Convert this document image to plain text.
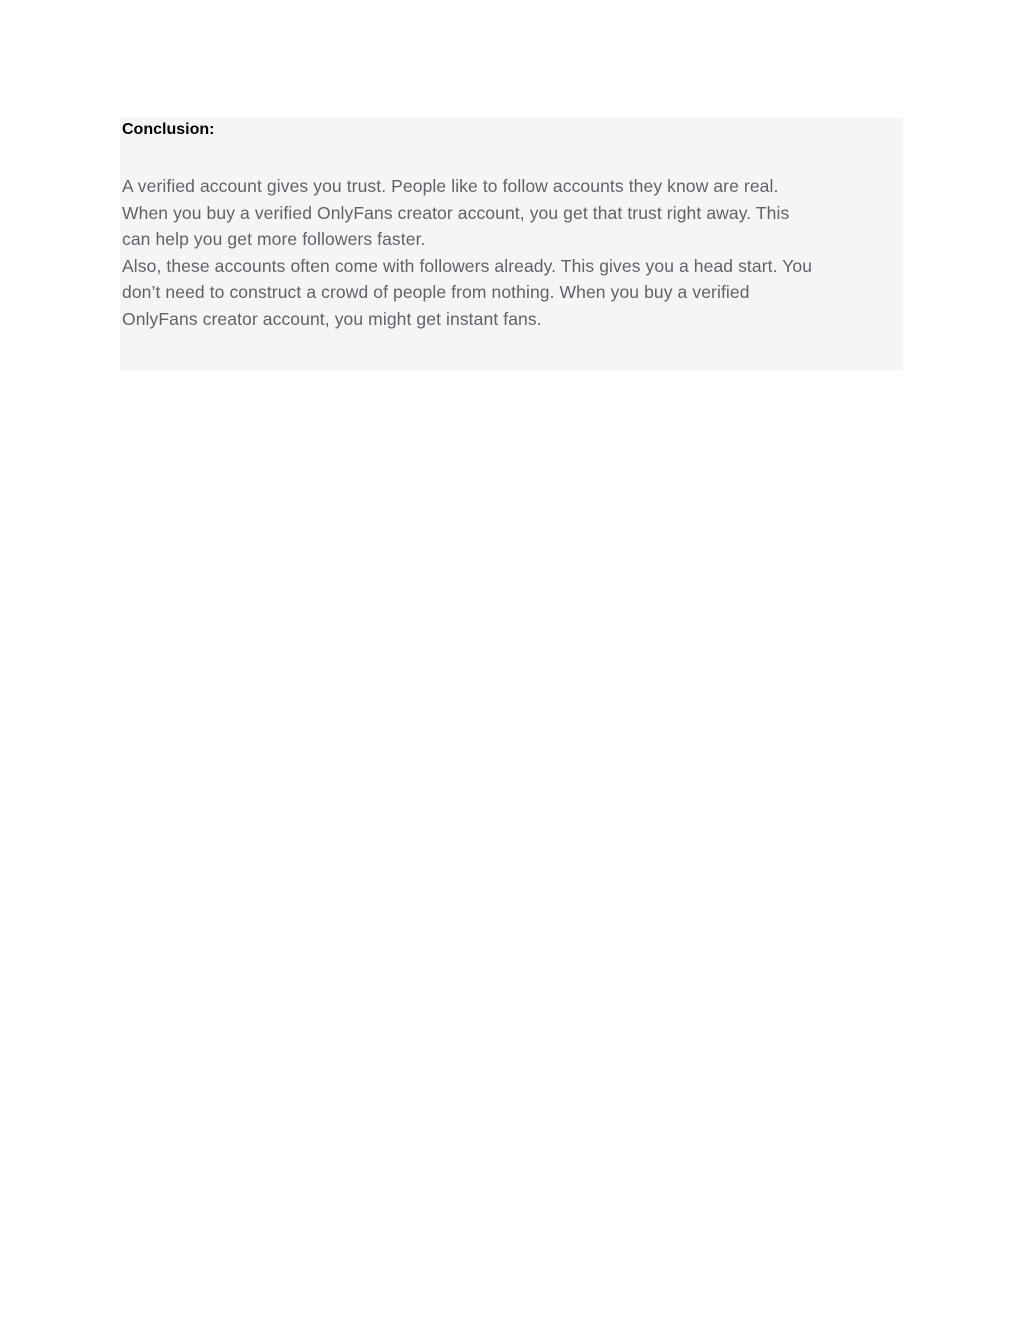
Conclusion:

A verified account gives you trust. People like to follow accounts they know are real.

When you buy a verified OnlyFans creator account, you get that trust right away. This

can help you get more followers faster.

Also, these accounts often come with followers already. This gives you a head start. You

don’t need to construct a crowd of people from nothing. When you buy a verified

OnlyFans creator account, you might get instant fans.
